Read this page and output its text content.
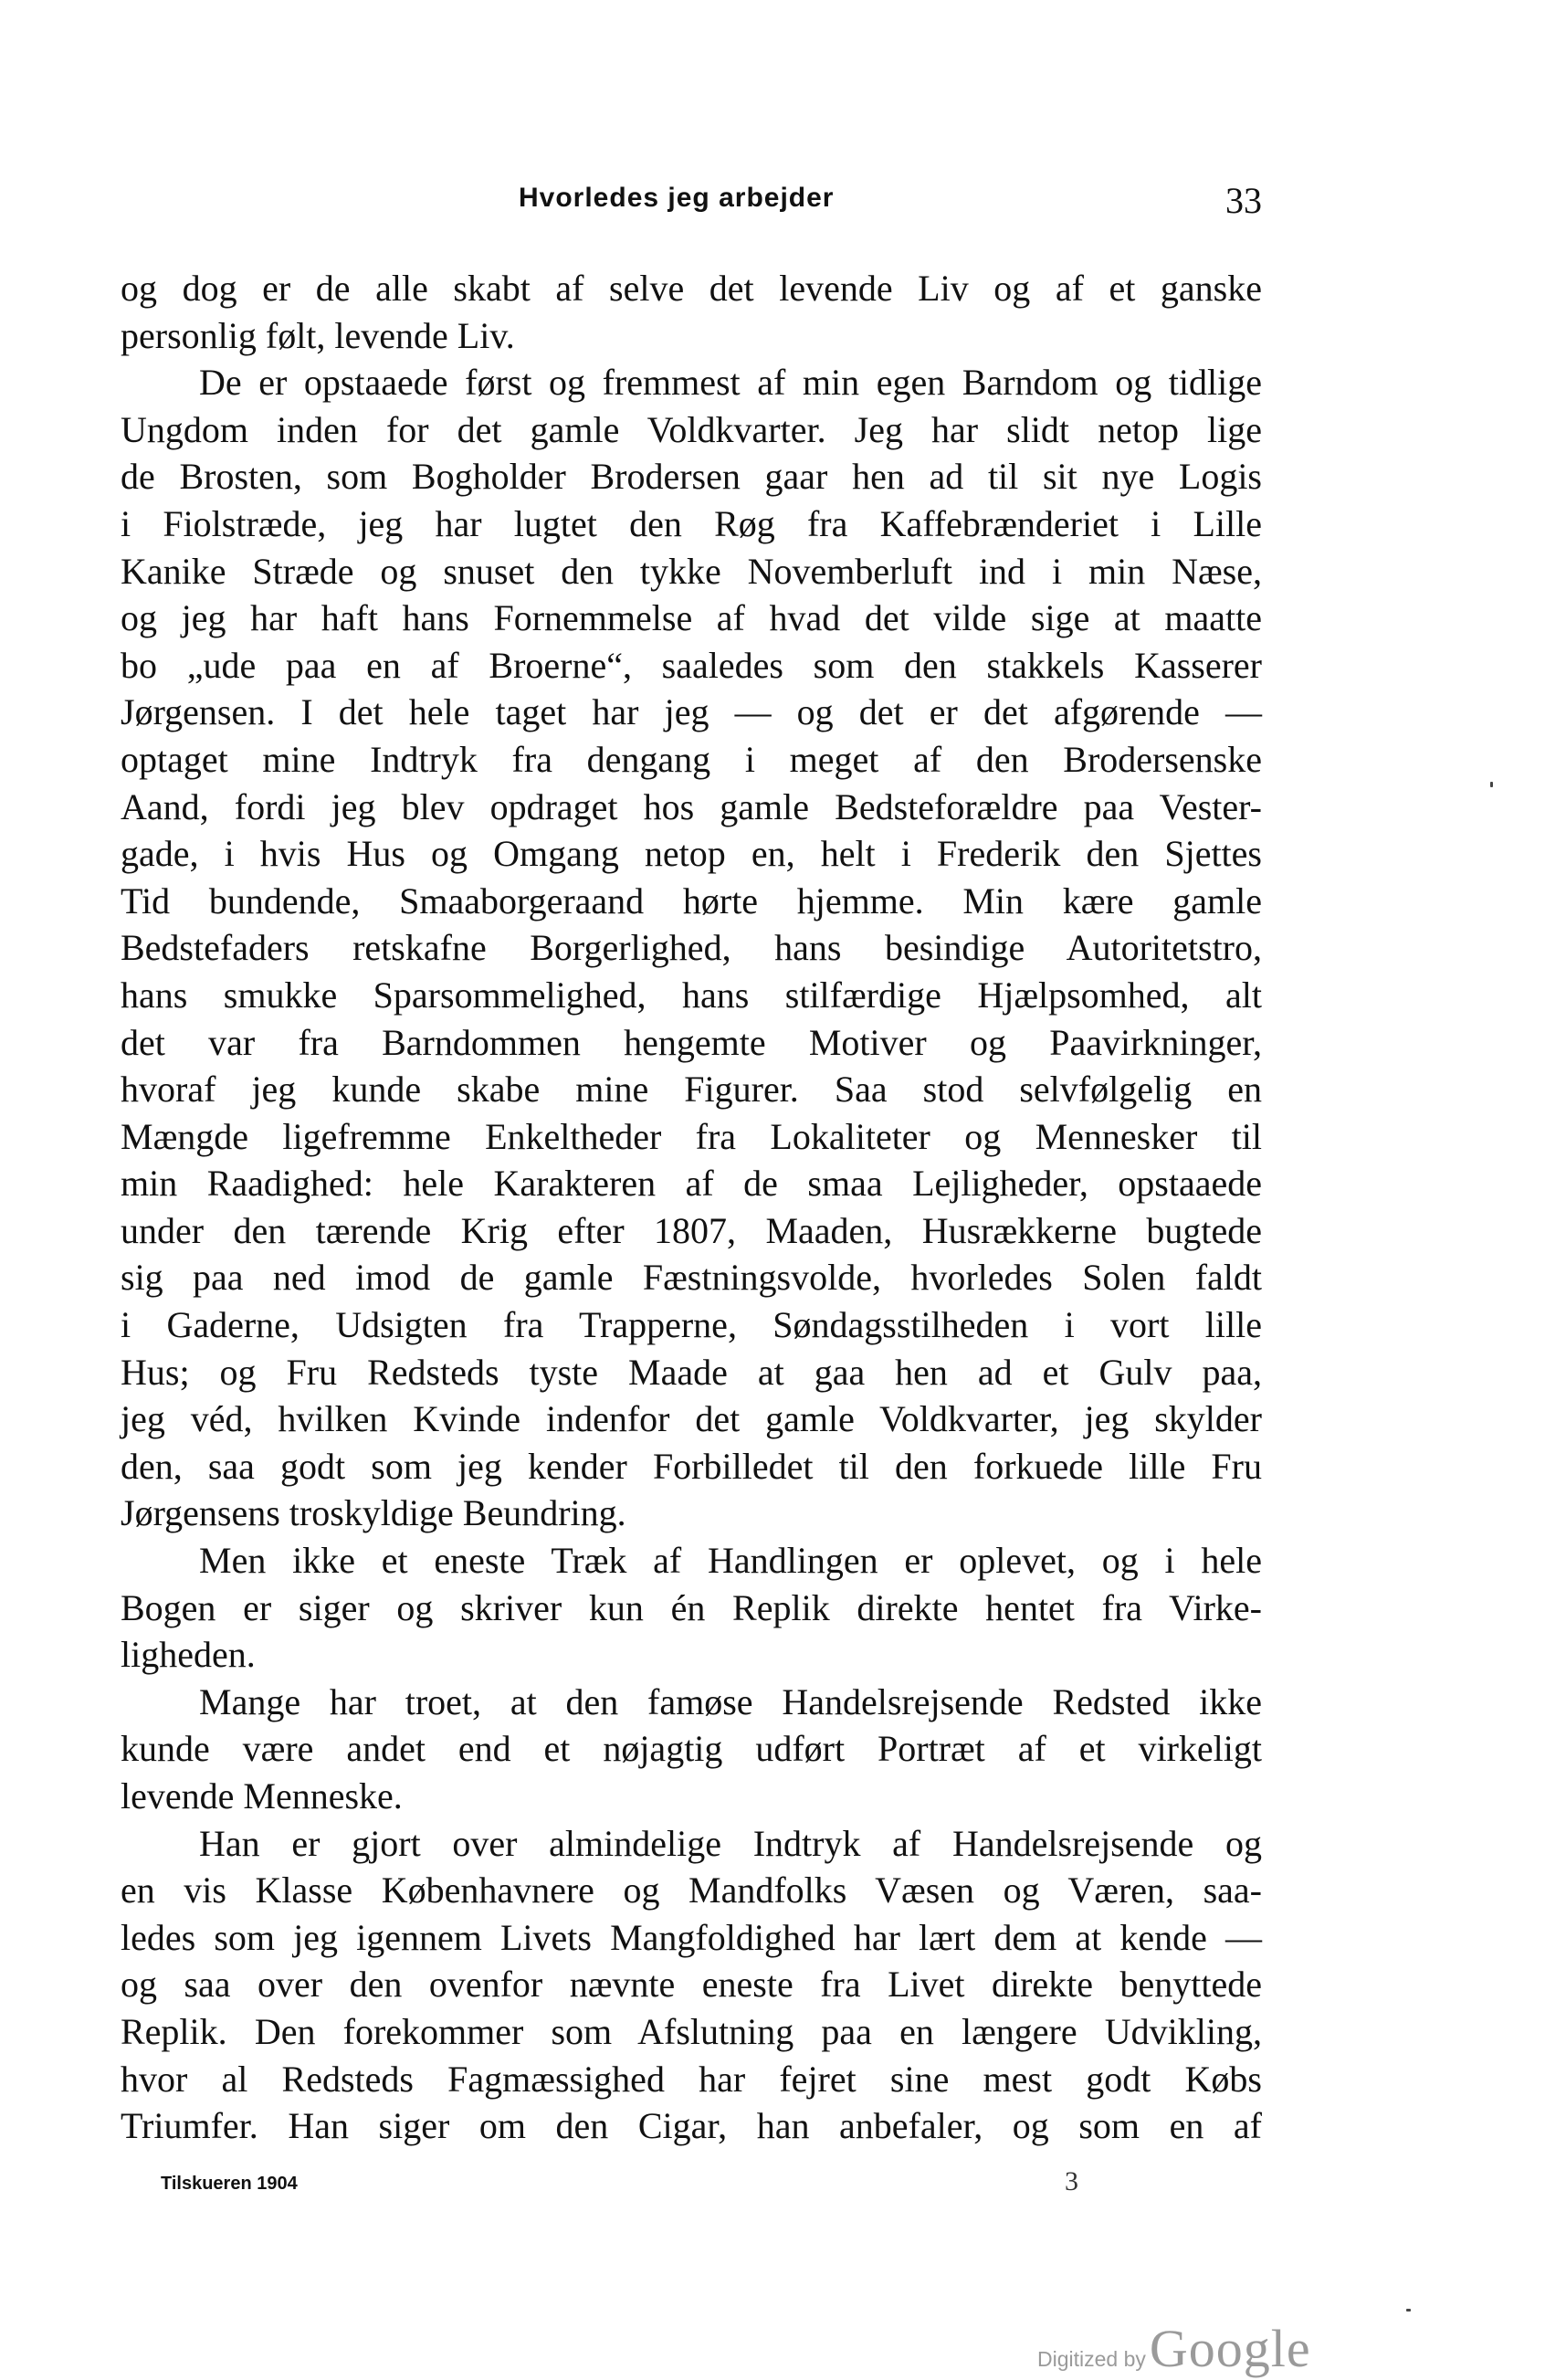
Hvorledes jeg arbejder	33
og dog er de alle skabt af selve det levende Liv og af et ganske
personlig følt, levende Liv.
De er opstaaede først og fremmest af min egen Barndom og tidlige
Ungdom inden for det gamle Voldkvarter. Jeg har slidt netop lige
de Brosten, som Bogholder Brodersen gaar hen ad til sit nye Logis
i Fiolstræde, jeg har lugtet den Røg fra Kaffebrænderiet i Lille
Kanike Stræde og snuset den tykke Novemberluft ind i min Næse,
og jeg har haft hans Fornemmelse af hvad det vilde sige at maatte
bo „ude paa en af Broerne“, saaledes som den stakkels Kasserer
Jørgensen. I det hele taget har jeg — og det er det afgørende —
optaget mine Indtryk fra dengang i meget af den Brodersenske
Aand, fordi jeg blev opdraget hos gamle Bedsteforældre paa Vester-
gade, i hvis Hus og Omgang netop en, helt i Frederik den Sjettes
Tid bundende, Smaaborgeraand hørte hjemme. Min kære gamle
Bedstefaders retskafne Borgerlighed, hans besindige Autoritetstro,
hans smukke Sparsommelighed, hans stilfærdige Hjælpsomhed, alt
det var fra Barndommen hengemte Motiver og Paavirkninger,
hvoraf jeg kunde skabe mine Figurer. Saa stod selvfølgelig en
Mængde ligefremme Enkeltheder fra Lokaliteter og Mennesker til
min Raadighed: hele Karakteren af de smaa Lejligheder, opstaaede
under den tærende Krig efter 1807, Maaden, Husrækkerne bugtede
sig paa ned imod de gamle Fæstningsvolde, hvorledes Solen faldt
i Gaderne, Udsigten fra Trapperne, Søndagsstilheden i vort lille
Hus; og Fru Redsteds tyste Maade at gaa hen ad et Gulv paa,
jeg véd, hvilken Kvinde indenfor det gamle Voldkvarter, jeg skylder
den, saa godt som jeg kender Forbilledet til den forkuede lille Fru
Jørgensens troskyldige Beundring.
Men ikke et eneste Træk af Handlingen er oplevet, og i hele
Bogen er siger og skriver kun én Replik direkte hentet fra Virke-
ligheden.
Mange har troet, at den famøse Handelsrejsende Redsted ikke
kunde være andet end et nøjagtig udført Portræt af et virkeligt
levende Menneske.
Han er gjort over almindelige Indtryk af Handelsrejsende og
en vis Klasse Københavnere og Mandfolks Væsen og Væren, saa-
ledes som jeg igennem Livets Mangfoldighed har lært dem at kende —
og saa over den ovenfor nævnte eneste fra Livet direkte benyttede
Replik. Den forekommer som Afslutning paa en længere Udvikling,
hvor al Redsteds Fagmæssighed har fejret sine mest godt Købs
Triumfer. Han siger om den Cigar, han anbefaler, og som en af
Tilskueren 1904	3
Digitized by Google
